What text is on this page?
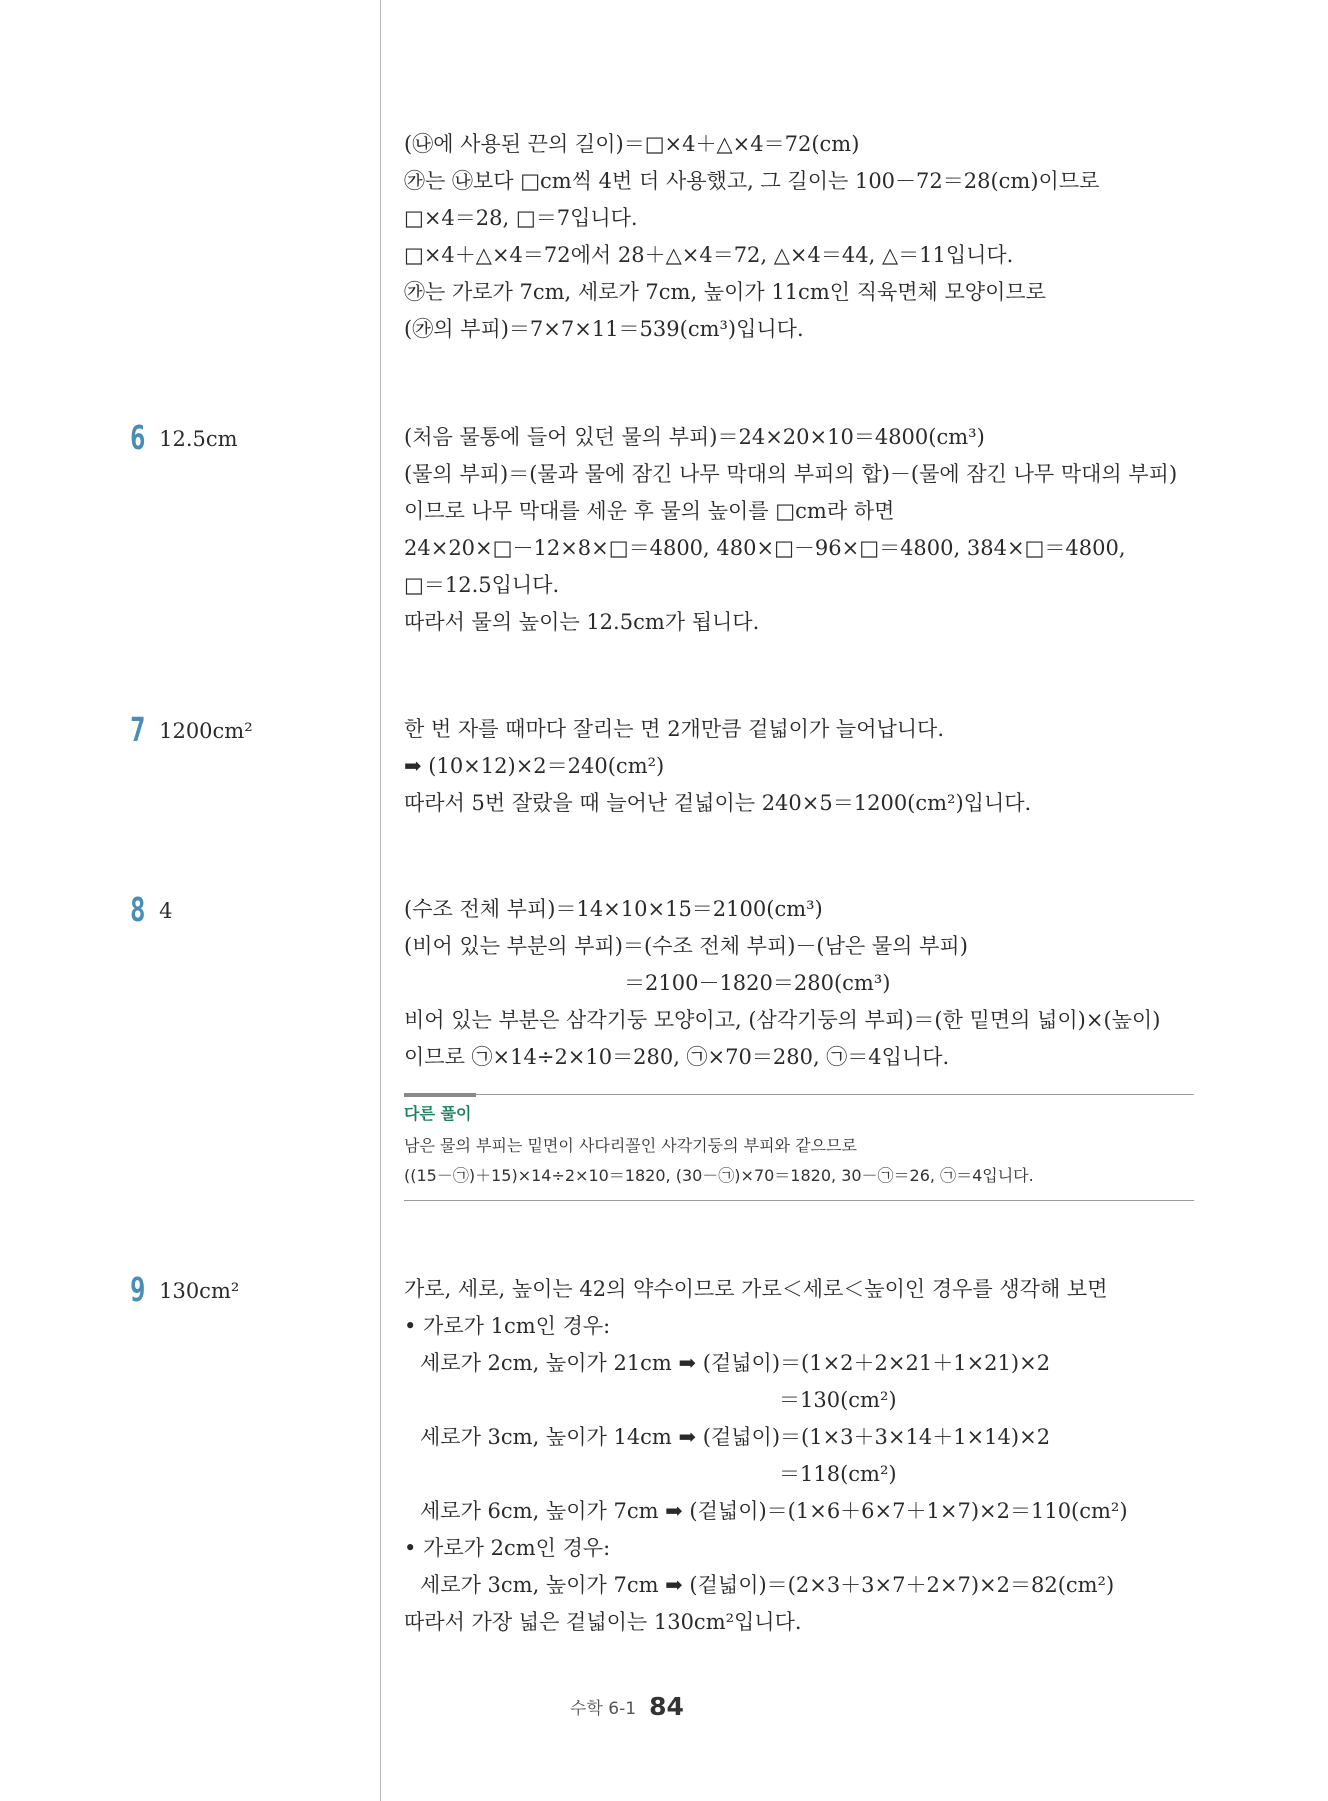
(㉯에 사용된 끈의 길이)＝□×4＋△×4＝72(cm)
㉮는 ㉯보다 □cm씩 4번 더 사용했고, 그 길이는 100－72＝28(cm)이므로
□×4＝28, □＝7입니다.
□×4＋△×4＝72에서 28＋△×4＝72, △×4＝44, △＝11입니다.
㉮는 가로가 7cm, 세로가 7cm, 높이가 11cm인 직육면체 모양이므로
(㉮의 부피)＝7×7×11＝539(cm³)입니다.
6 12.5cm	(처음 물통에 들어 있던 물의 부피)＝24×20×10＝4800(cm³)
(물의 부피)＝(물과 물에 잠긴 나무 막대의 부피의 합)－(물에 잠긴 나무 막대의 부피)
이므로 나무 막대를 세운 후 물의 높이를 □cm라 하면
24×20×□－12×8×□＝4800, 480×□－96×□＝4800, 384×□＝4800,
□＝12.5입니다.
따라서 물의 높이는 12.5cm가 됩니다.
7 1200cm²	한 번 자를 때마다 잘리는 면 2개만큼 겉넓이가 늘어납니다.
➡ (10×12)×2＝240(cm²)
따라서 5번 잘랐을 때 늘어난 겉넓이는 240×5＝1200(cm²)입니다.
8 4	(수조 전체 부피)＝14×10×15＝2100(cm³)
(비어 있는 부분의 부피)＝(수조 전체 부피)－(남은 물의 부피)
＝2100－1820＝280(cm³)
비어 있는 부분은 삼각기둥 모양이고, (삼각기둥의 부피)＝(한 밑면의 넓이)×(높이)
이므로 ㉠×14÷2×10＝280, ㉠×70＝280, ㉠＝4입니다.
다른 풀이
남은 물의 부피는 밑면이 사다리꼴인 사각기둥의 부피와 같으므로
((15－㉠)＋15)×14÷2×10＝1820, (30－㉠)×70＝1820, 30－㉠＝26, ㉠＝4입니다.
9 130cm²	가로, 세로, 높이는 42의 약수이므로 가로＜세로＜높이인 경우를 생각해 보면
• 가로가 1cm인 경우:
세로가 2cm, 높이가 21cm ➡ (겉넓이)＝(1×2＋2×21＋1×21)×2
＝130(cm²)
세로가 3cm, 높이가 14cm ➡ (겉넓이)＝(1×3＋3×14＋1×14)×2
＝118(cm²)
세로가 6cm, 높이가 7cm ➡ (겉넓이)＝(1×6＋6×7＋1×7)×2＝110(cm²)
• 가로가 2cm인 경우:
세로가 3cm, 높이가 7cm ➡ (겉넓이)＝(2×3＋3×7＋2×7)×2＝82(cm²)
따라서 가장 넓은 겉넓이는 130cm²입니다.
수학 6-1 84
